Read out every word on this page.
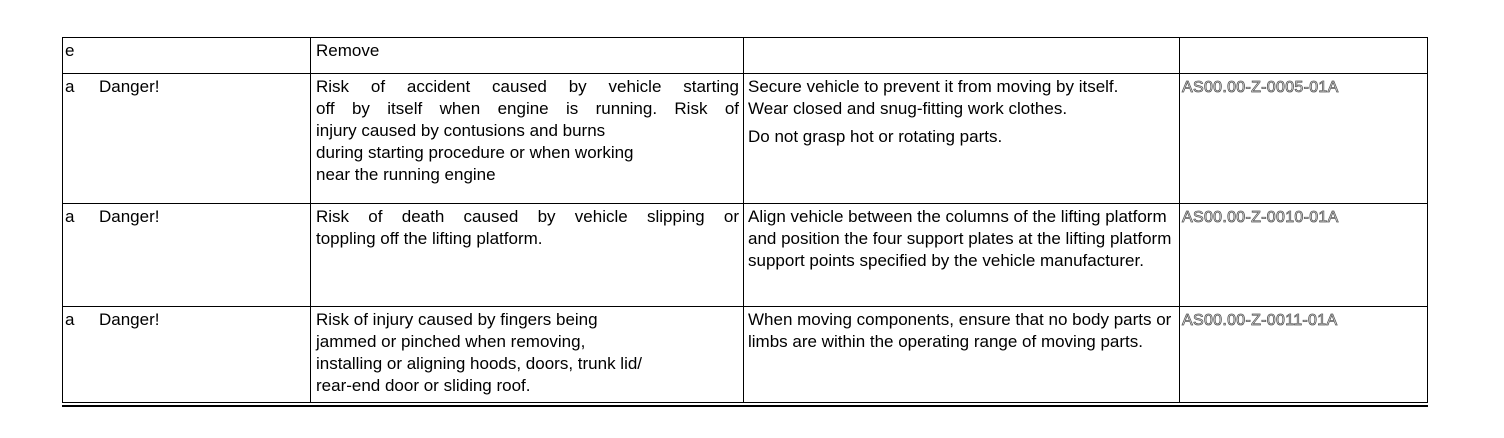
e	Remove		
a Danger!	Risk of accident caused by vehicle starting
off by itself when engine is running. Risk of
injury caused by contusions and burns
during starting procedure or when working
near the running engine	Secure vehicle to prevent it from moving by itself.
Wear closed and snug-fitting work clothes.
Do not grasp hot or rotating parts.	AS00.00-Z-0005-01A
a Danger!	Risk of death caused by vehicle slipping or
toppling off the lifting platform.	Align vehicle between the columns of the lifting platform and position the four support plates at the lifting platform support points specified by the vehicle manufacturer.	AS00.00-Z-0010-01A
a Danger!	Risk of injury caused by fingers being
jammed or pinched when removing,
installing or aligning hoods, doors, trunk lid/
rear-end door or sliding roof.	When moving components, ensure that no body parts or limbs are within the operating range of moving parts.	AS00.00-Z-0011-01A
